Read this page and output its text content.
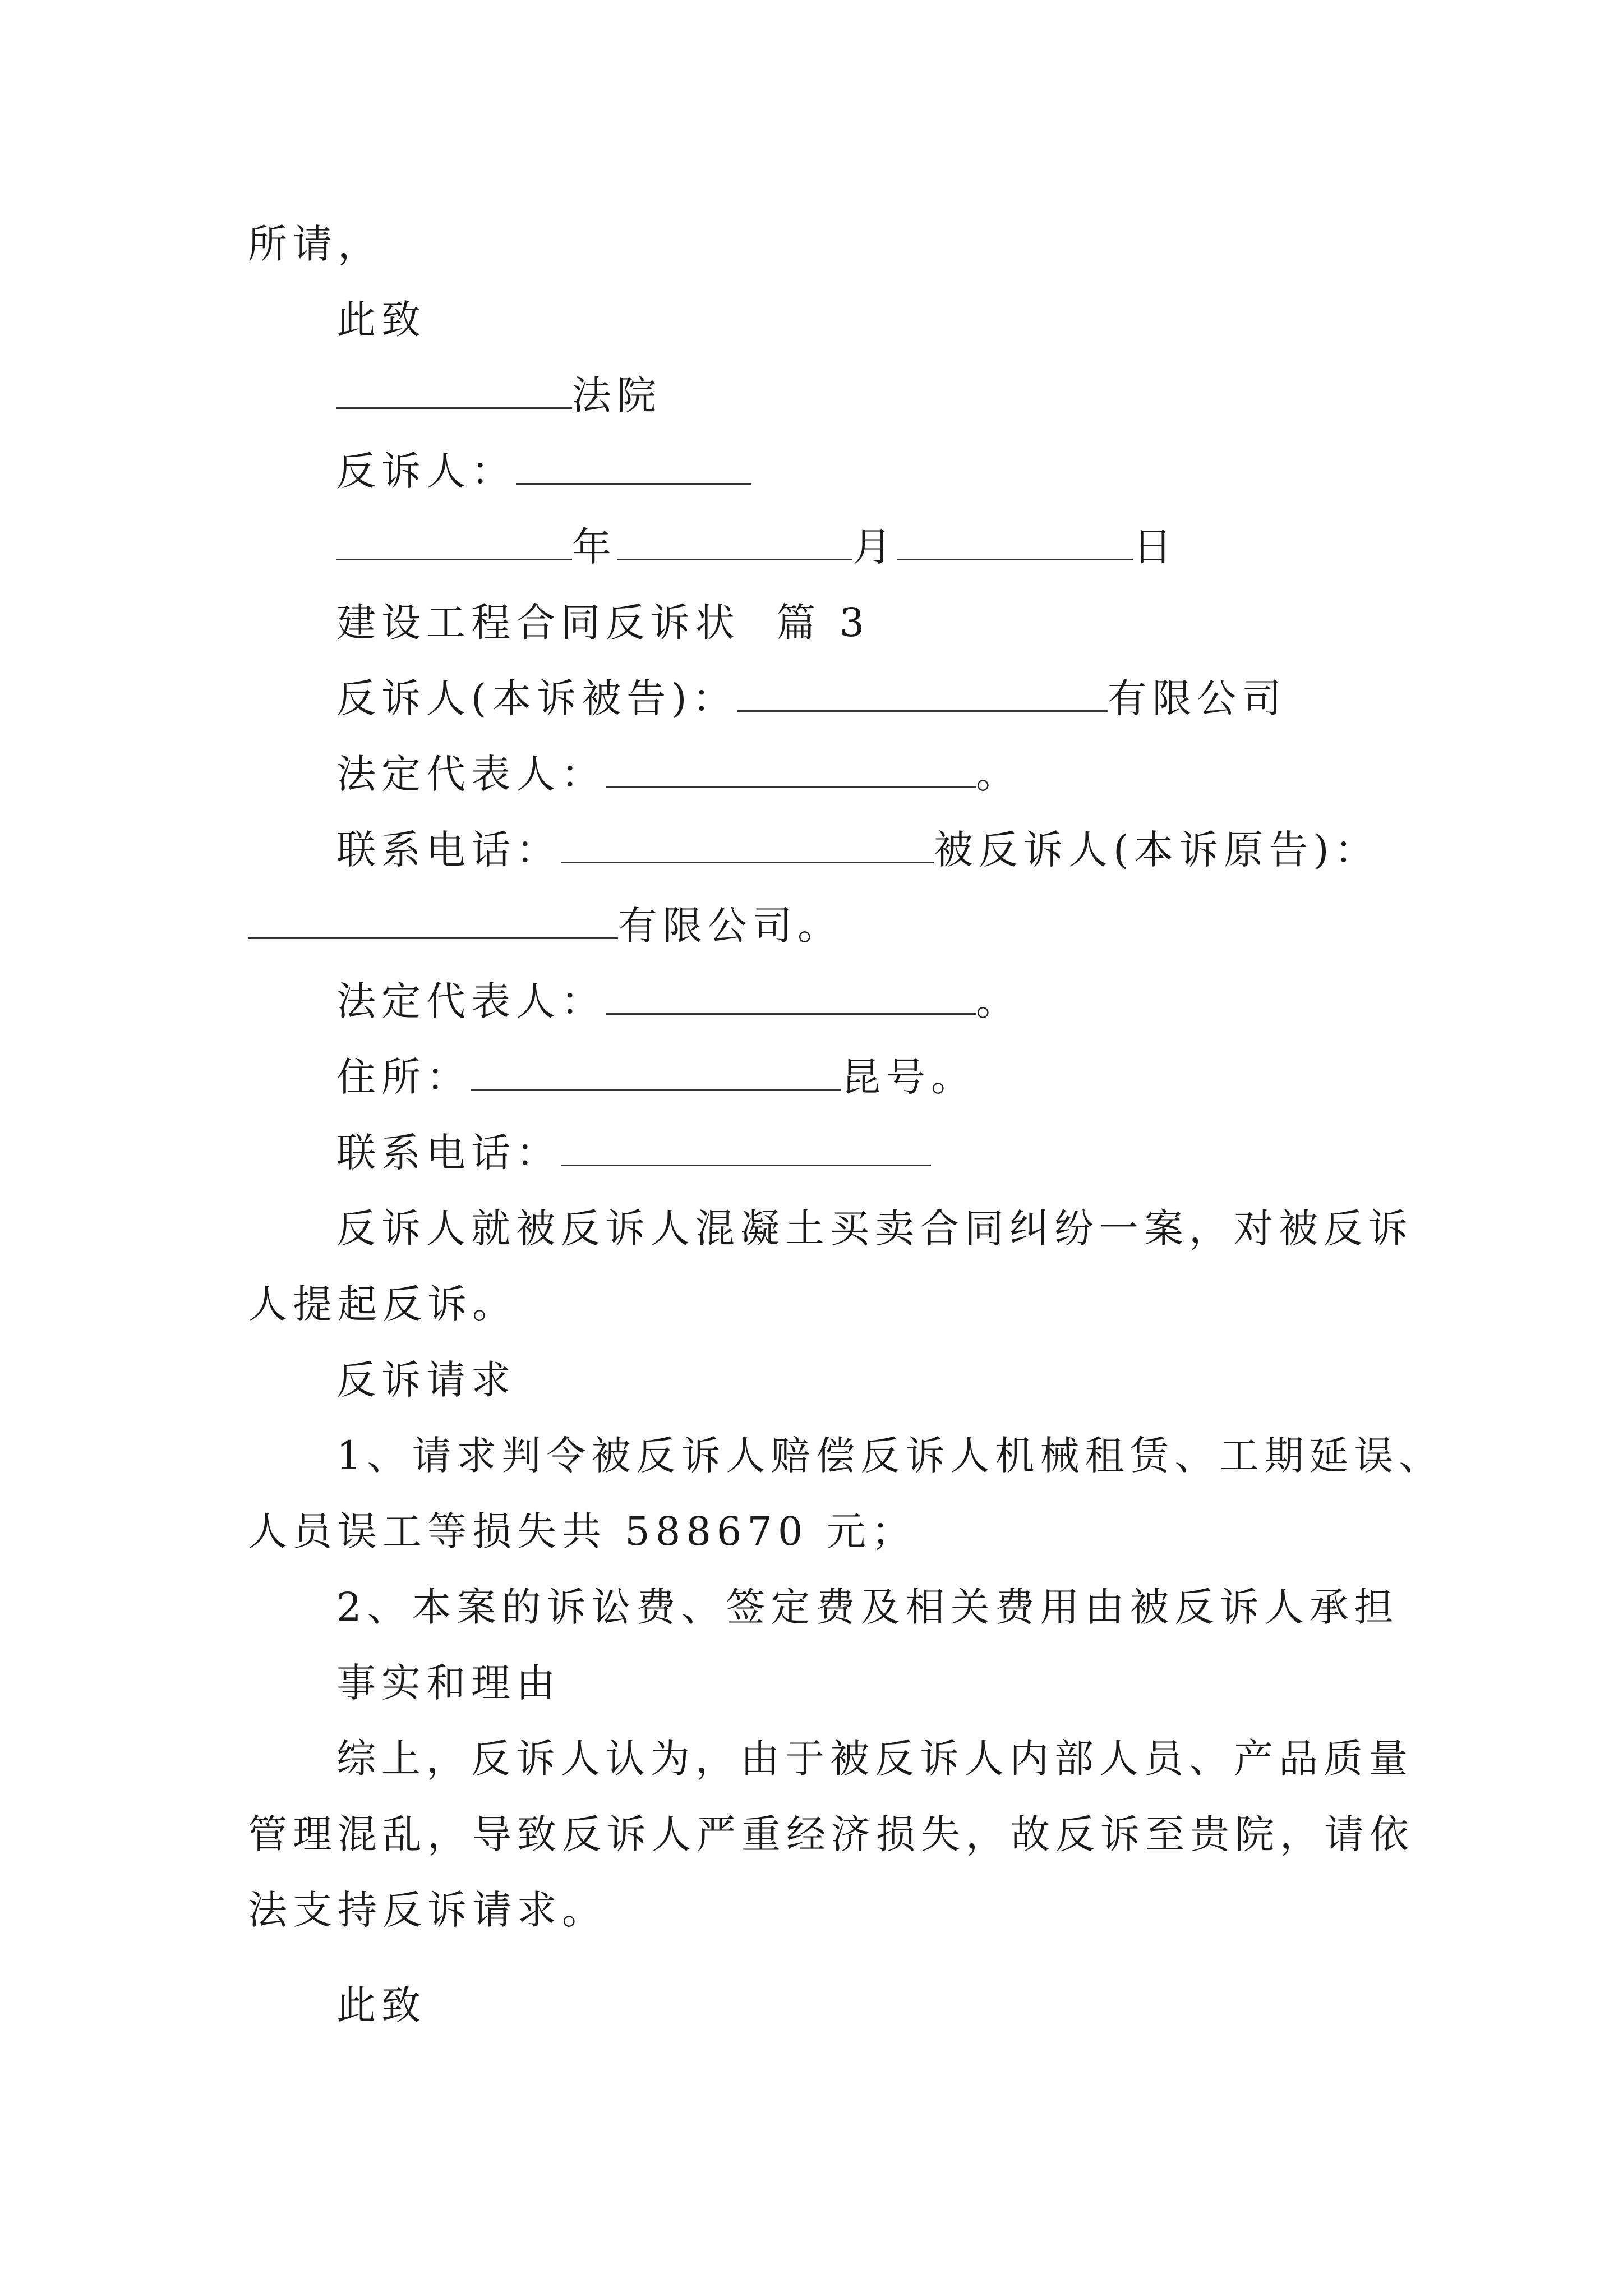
所请，
此致
法院
反诉人：
年	月	日
建设工程合同反诉状  篇 3
反诉人(本诉被告)：	有限公司
法定代表人：	。
联系电话：	被反诉人(本诉原告)：
有限公司。
法定代表人：	。
住所：	昆号。
联系电话：
反诉人就被反诉人混凝土买卖合同纠纷一案，对被反诉
人提起反诉。
反诉请求
1、请求判令被反诉人赔偿反诉人机械租赁、工期延误、
人员误工等损失共 588670 元；
2、本案的诉讼费、签定费及相关费用由被反诉人承担
事实和理由
综上，反诉人认为，由于被反诉人内部人员、产品质量
管理混乱，导致反诉人严重经济损失，故反诉至贵院，请依
法支持反诉请求。
此致
